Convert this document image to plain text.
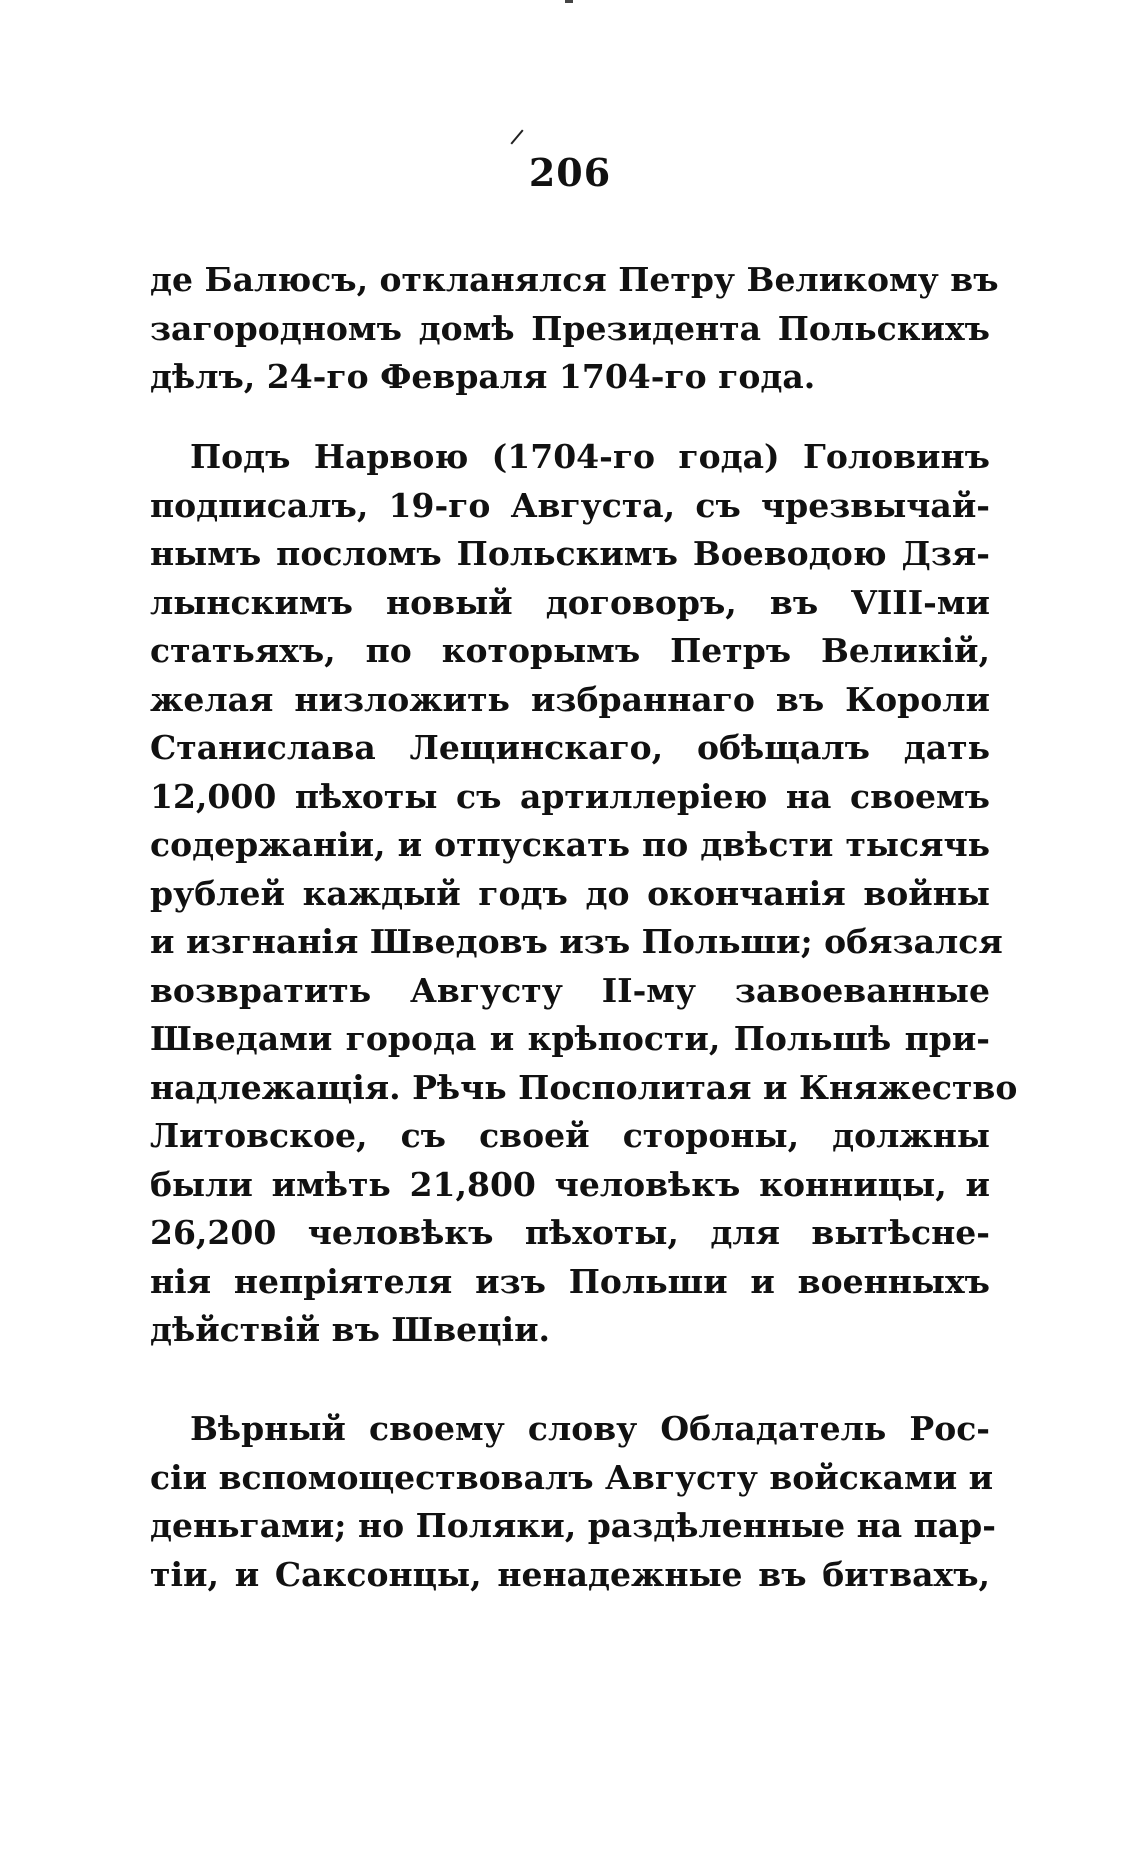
206
де Балюсъ, откланялся Петру Великому въ
загородномъ домѣ Президента Польскихъ
дѣлъ, 24-го Февраля 1704-го года.
Подъ Нарвою (1704-го года) Головинъ
подписалъ, 19-го Августа, съ чрезвычай-
нымъ посломъ Польскимъ Воеводою Дзя-
лынскимъ новый договоръ, въ VIII-ми
статьяхъ, по которымъ Петръ Великій,
желая низложить избраннаго въ Короли
Станислава Лещинскаго, обѣщалъ дать
12,000 пѣхоты съ артиллеріею на своемъ
содержаніи, и отпускать по двѣсти тысячь
рублей каждый годъ до окончанія войны
и изгнанія Шведовъ изъ Польши; обязался
возвратить Августу II-му завоеванные
Шведами города и крѣпости, Польшѣ при-
надлежащія. Рѣчь Посполитая и Княжество
Литовское, съ своей стороны, должны
были имѣть 21,800 человѣкъ конницы, и
26,200 человѣкъ пѣхоты, для вытѣсне-
нія непріятеля изъ Польши и военныхъ
дѣйствій въ Швеціи.
Вѣрный своему слову Обладатель Рос-
сіи вспомоществовалъ Августу войсками и
деньгами; но Поляки, раздѣленные на пар-
тіи, и Саксонцы, ненадежные въ битвахъ,
